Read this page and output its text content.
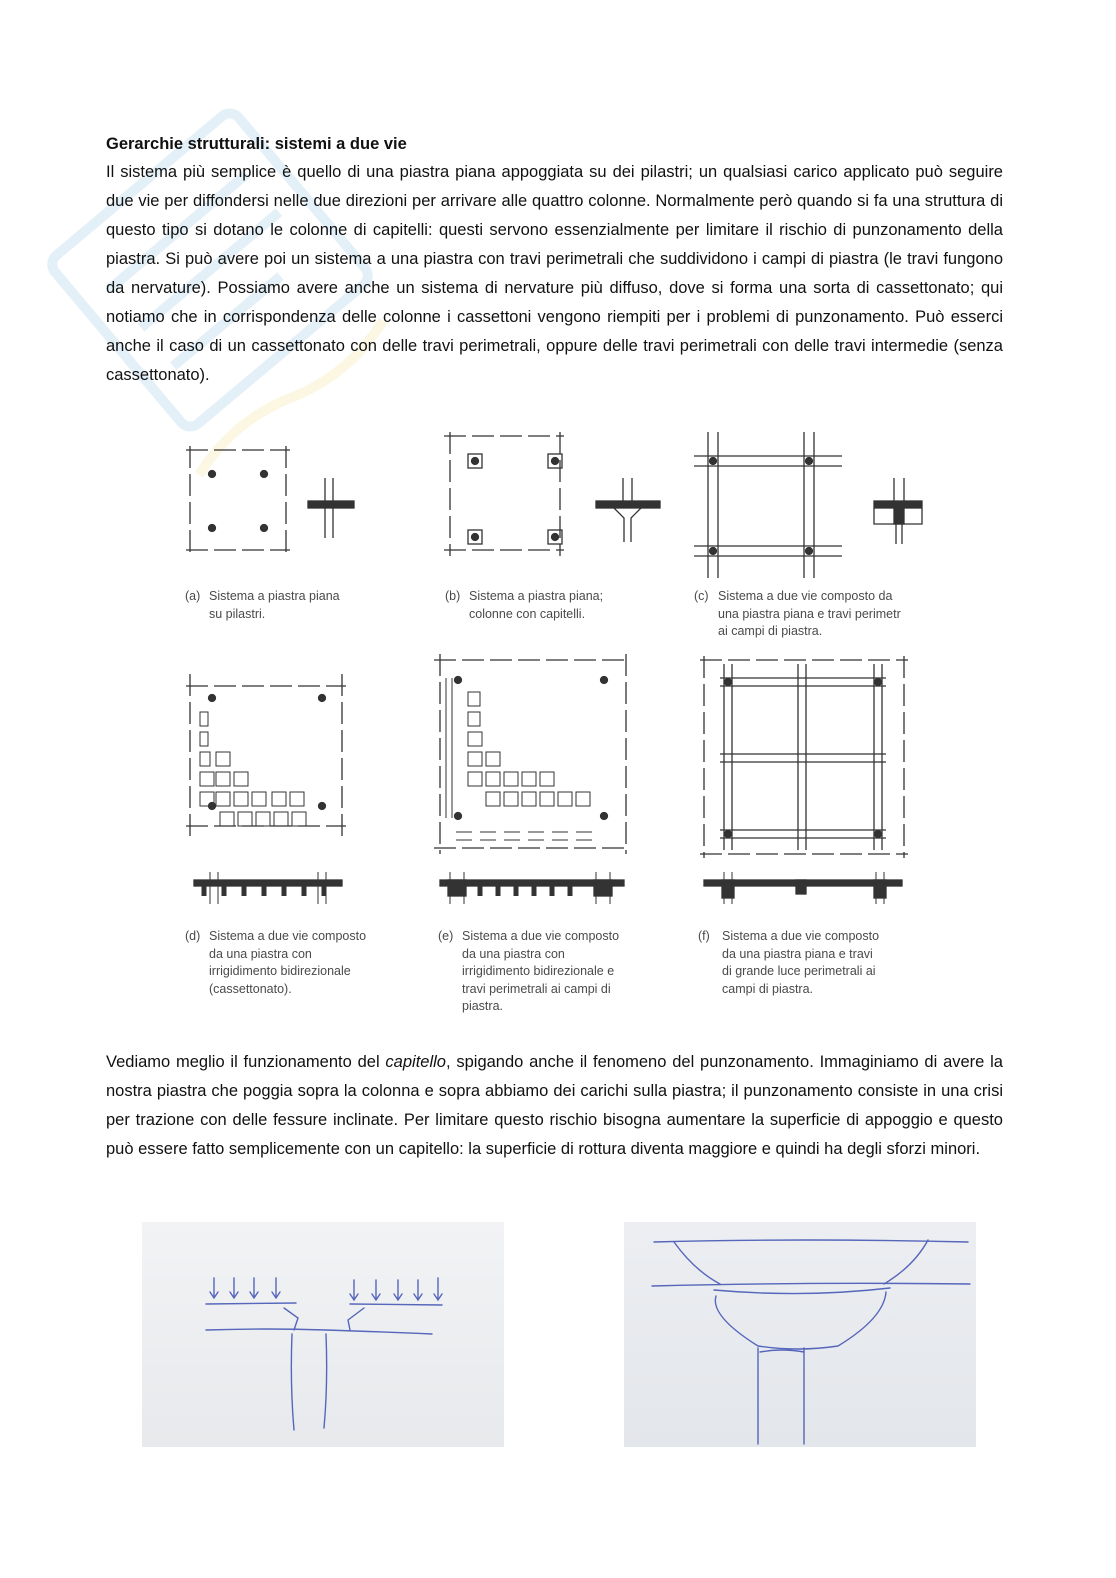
Gerarchie strutturali: sistemi a due vie

Il sistema più semplice è quello di una piastra piana appoggiata su dei pilastri; un qualsiasi carico applicato può seguire due vie per diffondersi nelle due direzioni per arrivare alle quattro colonne. Normalmente però quando si fa una struttura di questo tipo si dotano le colonne di capitelli: questi servono essenzialmente per limitare il rischio di punzonamento della piastra. Si può avere poi un sistema a una piastra con travi perimetrali che suddividono i campi di piastra (le travi fungono da nervature). Possiamo avere anche un sistema di nervature più diffuso, dove si forma una sorta di cassettonato; qui notiamo che in corrispondenza delle colonne i cassettoni vengono riempiti per i problemi di punzonamento. Può esserci anche il caso di un cassettonato con delle travi perimetrali, oppure delle travi perimetrali con delle travi intermedie (senza cassettonato).

(a) Sistema a piastra piana
su pilastri.

(b) Sistema a piastra piana;
colonne con capitelli.

(c) Sistema a due vie composto da
una piastra piana e travi perimetr
ai campi di piastra.

(d) Sistema a due vie composto
da una piastra con
irrigidimento bidirezionale
(cassettonato).

(e) Sistema a due vie composto
da una piastra con
irrigidimento bidirezionale e
travi perimetrali ai campi di
piastra.

(f) Sistema a due vie composto
da una piastra piana e travi
di grande luce perimetrali ai
campi di piastra.

Vediamo meglio il funzionamento del capitello, spigando anche il fenomeno del punzonamento. Immaginiamo di avere la nostra piastra che poggia sopra la colonna e sopra abbiamo dei carichi sulla piastra; il punzonamento consiste in una crisi per trazione con delle fessure inclinate. Per limitare questo rischio bisogna aumentare la superficie di appoggio e questo può essere fatto semplicemente con un capitello: la superficie di rottura diventa maggiore e quindi ha degli sforzi minori.
